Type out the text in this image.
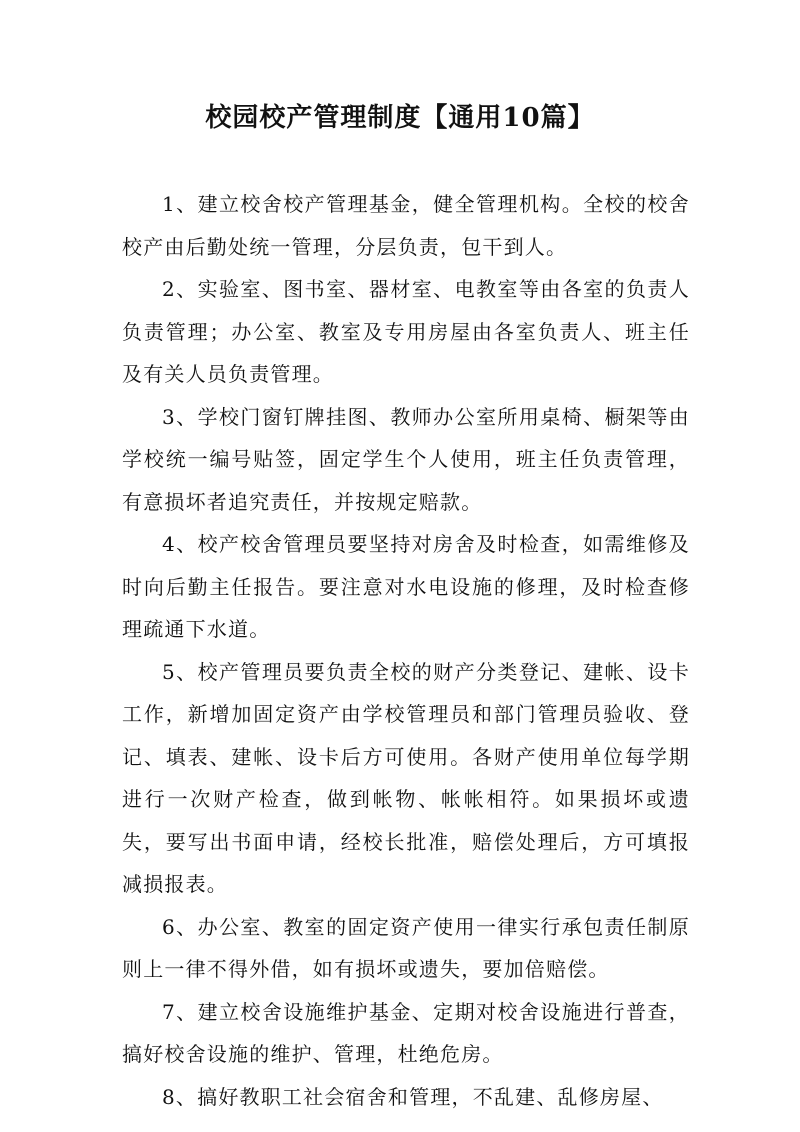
校园校产管理制度【通用10篇】

1、建立校舍校产管理基金，健全管理机构。全校的校舍校产由后勤处统一管理，分层负责，包干到人。

2、实验室、图书室、器材室、电教室等由各室的负责人负责管理；办公室、教室及专用房屋由各室负责人、班主任及有关人员负责管理。

3、学校门窗钉牌挂图、教师办公室所用桌椅、橱架等由学校统一编号贴签，固定学生个人使用，班主任负责管理，有意损坏者追究责任，并按规定赔款。

4、校产校舍管理员要坚持对房舍及时检查，如需维修及时向后勤主任报告。要注意对水电设施的修理，及时检查修理疏通下水道。

5、校产管理员要负责全校的财产分类登记、建帐、设卡工作，新增加固定资产由学校管理员和部门管理员验收、登记、填表、建帐、设卡后方可使用。各财产使用单位每学期进行一次财产检查，做到帐物、帐帐相符。如果损坏或遗失，要写出书面申请，经校长批准，赔偿处理后，方可填报减损报表。

6、办公室、教室的固定资产使用一律实行承包责任制原则上一律不得外借，如有损坏或遗失，要加倍赔偿。

7、建立校舍设施维护基金、定期对校舍设施进行普查，搞好校舍设施的维护、管理，杜绝危房。

8、搞好教职工社会宿舍和管理，不乱建、乱修房屋、
